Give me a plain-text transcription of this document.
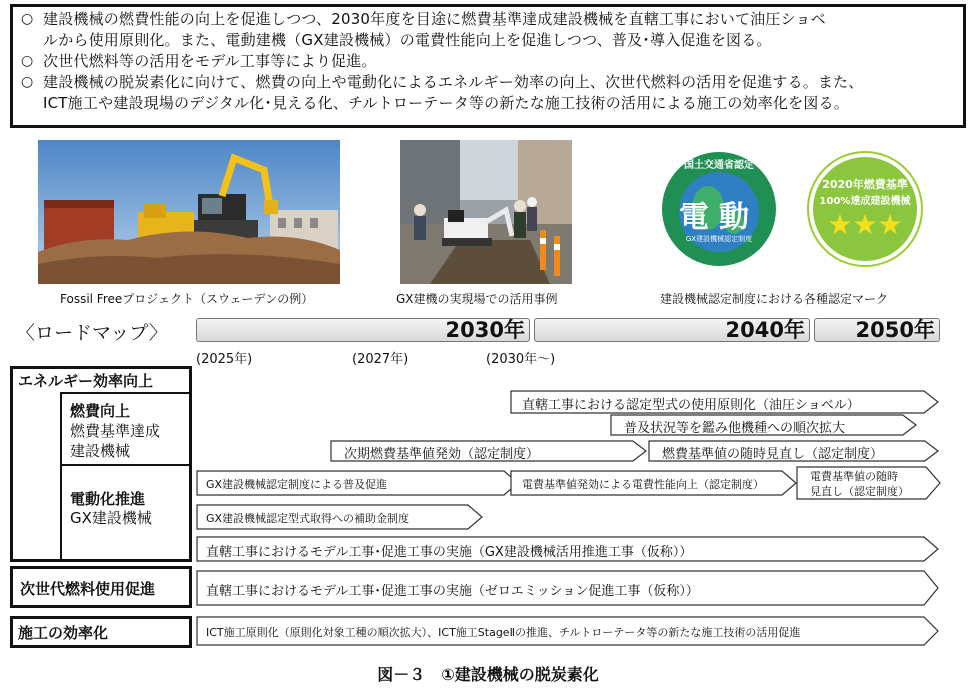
○ 建設機械の燃費性能の向上を促進しつつ、2030年度を目途に燃費基準達成建設機械を直轄工事において油圧ショベ
ルから使用原則化。また、電動建機（GX建設機械）の電費性能向上を促進しつつ、普及･導入促進を図る。
○ 次世代燃料等の活用をモデル工事等により促進。
○ 建設機械の脱炭素化に向けて、燃費の向上や電動化によるエネルギー効率の向上、次世代燃料の活用を促進する。また、
ICT施工や建設現場のデジタル化･見える化、チルトローテータ等の新たな施工技術の活用による施工の効率化を図る。
Fossil Freeプロジェクト（スウェーデンの例）	GX建機の実現場での活用事例
国土交通省認定
電動
GX建設機械認定制度
2020年燃費基準
100%達成建設機械
★★★
建設機械認定制度における各種認定マーク
〈ロードマップ〉	2030年	2040年	2050年
(2025年)	(2027年)	(2030年～)
エネルギー効率向上
燃費向上
燃費基準達成
建設機械
電動化推進
GX建設機械
次世代燃料使用促進
施工の効率化
直轄工事における認定型式の使用原則化（油圧ショベル）
普及状況等を鑑み他機種への順次拡大
次期燃費基準値発効（認定制度）	燃費基準値の随時見直し（認定制度）
GX建設機械認定制度による普及促進	電費基準値発効による電費性能向上（認定制度）
電費基準値の随時
見直し（認定制度）
GX建設機械認定型式取得への補助金制度
直轄工事におけるモデル工事･促進工事の実施（GX建設機械活用推進工事（仮称））
直轄工事におけるモデル工事･促進工事の実施（ゼロエミッション促進工事（仮称））
ICT施工原則化（原則化対象工種の順次拡大）、ICT施工StageⅡの推進、チルトローテータ等の新たな施工技術の活用促進
図－３　①建設機械の脱炭素化
